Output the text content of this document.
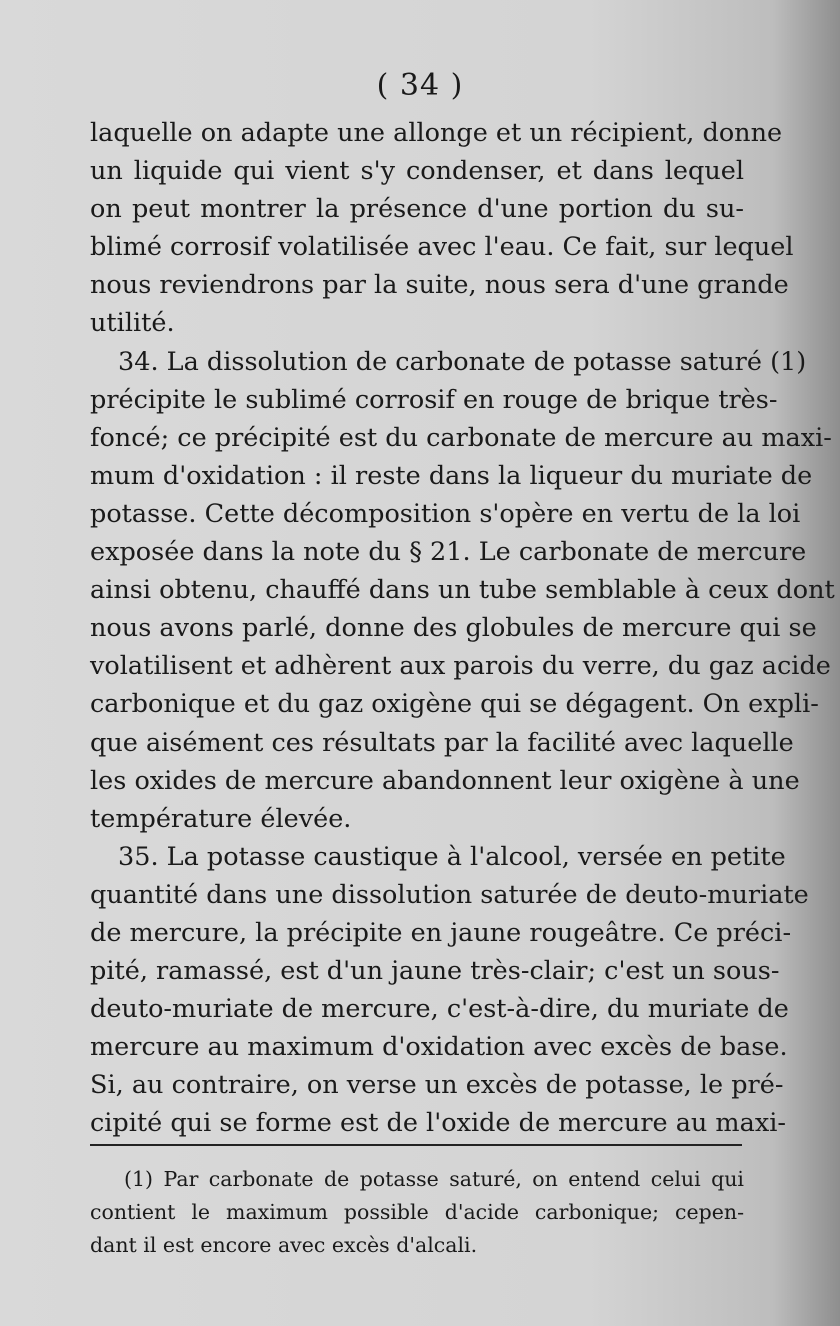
( 34 )
laquelle on adapte une allonge et un récipient, donne
un liquide qui vient s'y condenser, et dans lequel
on peut montrer la présence d'une portion du su-
blimé corrosif volatilisée avec l'eau. Ce fait, sur lequel
nous reviendrons par la suite, nous sera d'une grande
utilité.
34. La dissolution de carbonate de potasse saturé (1)
précipite le sublimé corrosif en rouge de brique très-
foncé; ce précipité est du carbonate de mercure au maxi-
mum d'oxidation : il reste dans la liqueur du muriate de
potasse. Cette décomposition s'opère en vertu de la loi
exposée dans la note du § 21. Le carbonate de mercure
ainsi obtenu, chauffé dans un tube semblable à ceux dont
nous avons parlé, donne des globules de mercure qui se
volatilisent et adhèrent aux parois du verre, du gaz acide
carbonique et du gaz oxigène qui se dégagent. On expli-
que aisément ces résultats par la facilité avec laquelle
les oxides de mercure abandonnent leur oxigène à une
température élevée.
35. La potasse caustique à l'alcool, versée en petite
quantité dans une dissolution saturée de deuto-muriate
de mercure, la précipite en jaune rougeâtre. Ce préci-
pité, ramassé, est d'un jaune très-clair; c'est un sous-
deuto-muriate de mercure, c'est-à-dire, du muriate de
mercure au maximum d'oxidation avec excès de base.
Si, au contraire, on verse un excès de potasse, le pré-
cipité qui se forme est de l'oxide de mercure au maxi-
(1) Par carbonate de potasse saturé, on entend celui qui
contient le maximum possible d'acide carbonique; cepen-
dant il est encore avec excès d'alcali.
